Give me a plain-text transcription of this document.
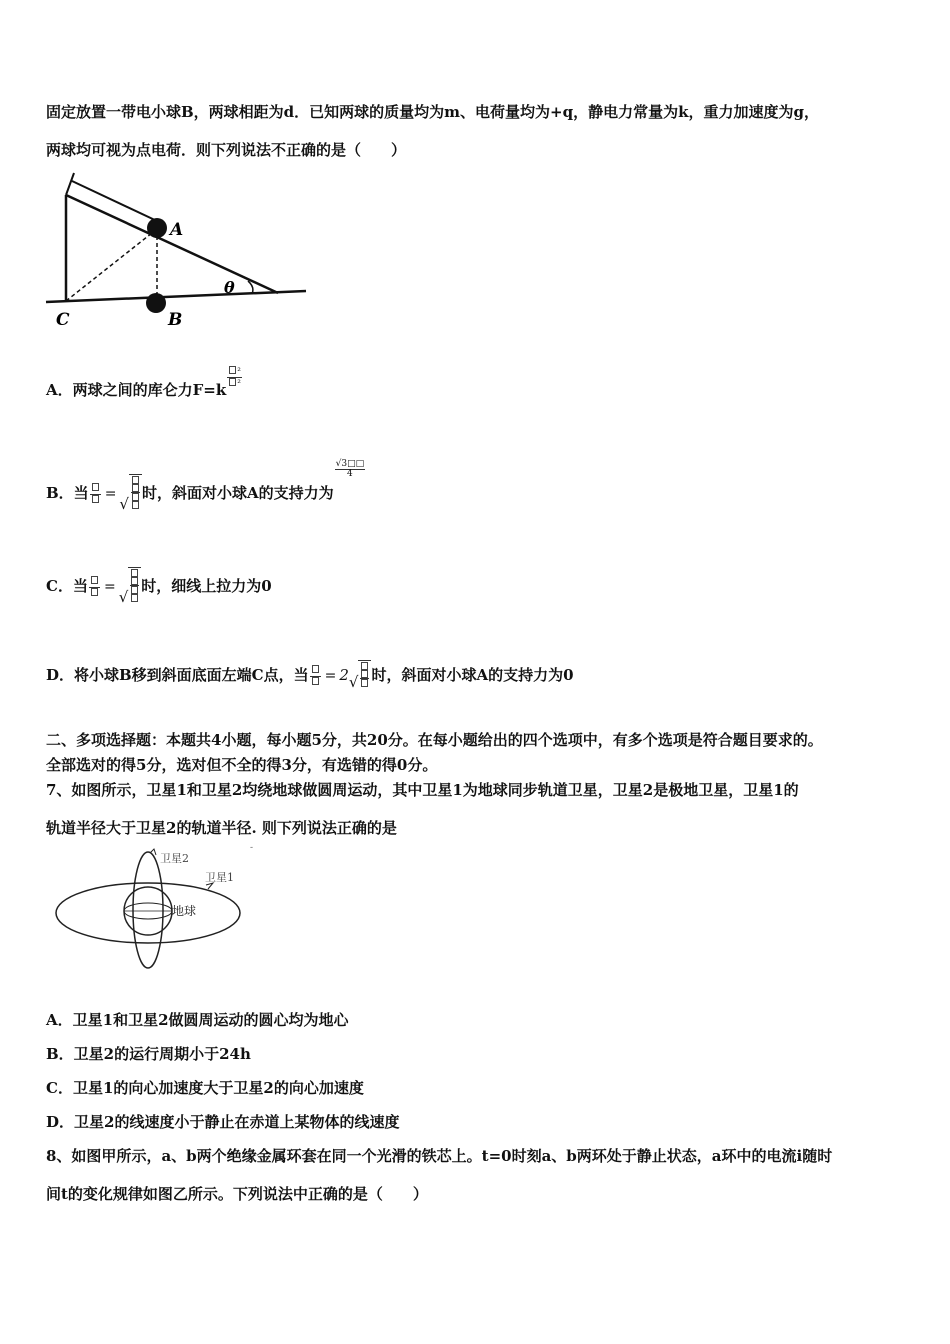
固定放置一带电小球B，两球相距为d．已知两球的质量均为m、电荷量均为+q，静电力常量为k，重力加速度为g，
两球均可视为点电荷．则下列说法不正确的是（　　）
A
B
C
θ
A．两球之间的库仑力F=k
$\frac{\text{²}}{\text{²}}$
B．当 =√
时，斜面对小球A的支持力为
$\frac{√3□□}{4}$
C．当 =√
时，细线上拉力为0
D．将小球B移到斜面底面左端C点，当 = 2√ 时，斜面对小球A的支持力为0
二、多项选择题：本题共4小题，每小题5分，共20分。在每小题给出的四个选项中，有多个选项是符合题目要求的。
全部选对的得5分，选对但不全的得3分，有选错的得0分。
7、如图所示，卫星1和卫星2均绕地球做圆周运动，其中卫星1为地球同步轨道卫星，卫星2是极地卫星，卫星1的
轨道半径大于卫星2的轨道半径. 则下列说法正确的是
卫星2
卫星1
地球
-
A．卫星1和卫星2做圆周运动的圆心均为地心
B．卫星2的运行周期小于24h
C．卫星1的向心加速度大于卫星2的向心加速度
D．卫星2的线速度小于静止在赤道上某物体的线速度
8、如图甲所示，a、b两个绝缘金属环套在同一个光滑的铁芯上。t=0时刻a、b两环处于静止状态，a环中的电流i随时
间t的变化规律如图乙所示。下列说法中正确的是（　　）
